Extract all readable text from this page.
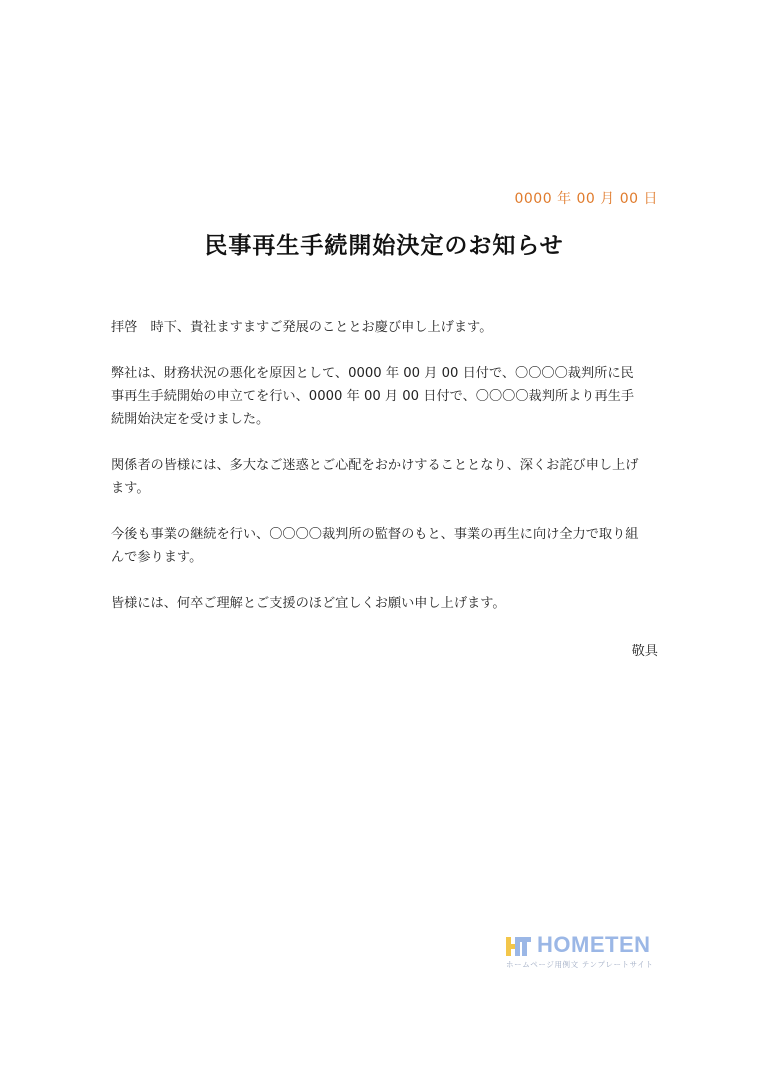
0000 年 00 月 00 日
民事再生手続開始決定のお知らせ

拝啓　時下、貴社ますますご発展のこととお慶び申し上げます。

弊社は、財務状況の悪化を原因として、0000 年 00 月 00 日付で、〇〇〇〇裁判所に民
事再生手続開始の申立てを行い、0000 年 00 月 00 日付で、〇〇〇〇裁判所より再生手
続開始決定を受けました。

関係者の皆様には、多大なご迷惑とご心配をおかけすることとなり、深くお詫び申し上げ
ます。

今後も事業の継続を行い、〇〇〇〇裁判所の監督のもと、事業の再生に向け全力で取り組
んで参ります。

皆様には、何卒ご理解とご支援のほど宜しくお願い申し上げます。

敬具
HOMETEN
ホームページ用例文 テンプレートサイト
